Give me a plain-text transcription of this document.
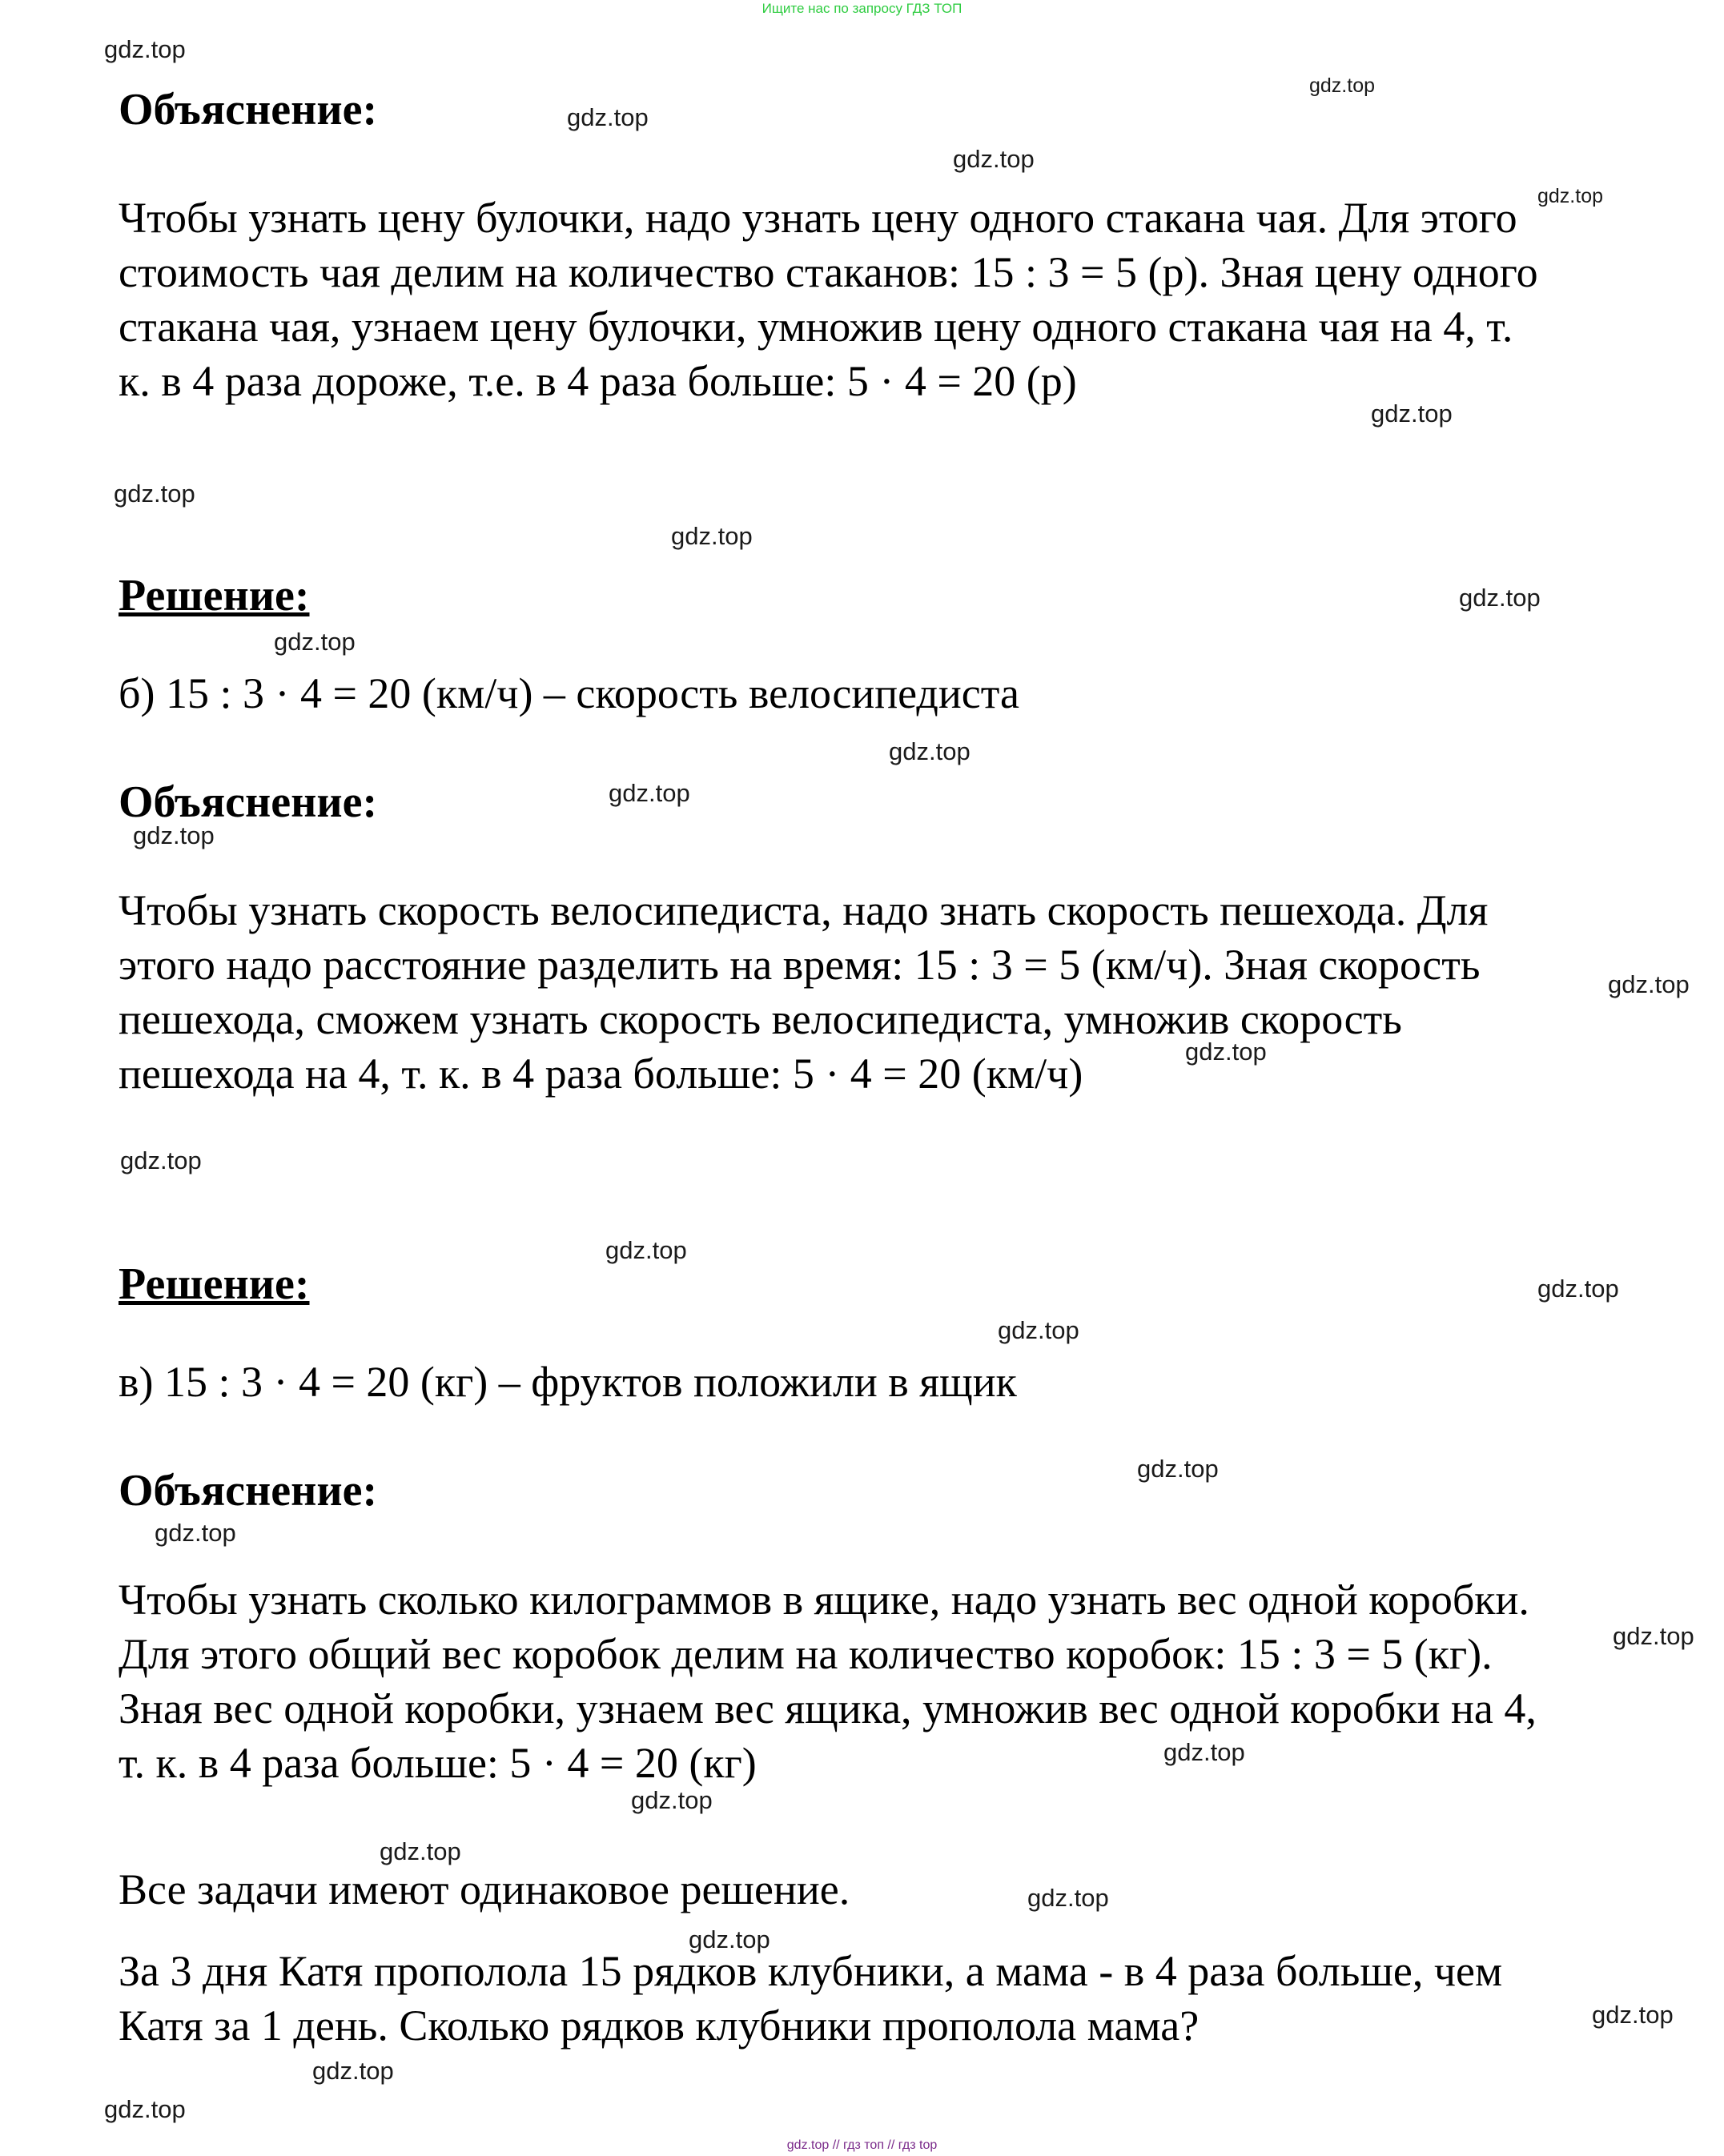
Ищите нас по запросу ГДЗ ТОП
Объяснение:
Чтобы узнать цену булочки, надо узнать цену одного стакана чая. Для этого
стоимость чая делим на количество стаканов: 15 : 3 = 5 (р). Зная цену одного
стакана чая, узнаем цену булочки, умножив цену одного стакана чая на 4, т.
к. в 4 раза дороже, т.е. в 4 раза больше: 5 · 4 = 20 (р)
Решение:
б) 15 : 3 · 4 = 20 (км/ч) – скорость велосипедиста
Объяснение:
Чтобы узнать скорость велосипедиста, надо знать скорость пешехода. Для
этого надо расстояние разделить на время: 15 : 3 = 5 (км/ч). Зная скорость
пешехода, сможем узнать скорость велосипедиста, умножив скорость
пешехода на 4, т. к. в 4 раза больше: 5 · 4 = 20 (км/ч)
Решение:
в) 15 : 3 · 4 = 20 (кг) – фруктов положили в ящик
Объяснение:
Чтобы узнать сколько килограммов в ящике, надо узнать вес одной коробки.
Для этого общий вес коробок делим на количество коробок: 15 : 3 = 5 (кг).
Зная вес одной коробки, узнаем вес ящика, умножив вес одной коробки на 4,
т. к. в 4 раза больше: 5 · 4 = 20 (кг)
Все задачи имеют одинаковое решение.
За 3 дня Катя прополола 15 рядков клубники, а мама - в 4 раза больше, чем
Катя за 1 день. Сколько рядков клубники прополола мама?
gdz.top
gdz.top
gdz.top
gdz.top
gdz.top
gdz.top
gdz.top
gdz.top
gdz.top
gdz.top
gdz.top
gdz.top
gdz.top
gdz.top
gdz.top
gdz.top
gdz.top
gdz.top
gdz.top
gdz.top
gdz.top
gdz.top
gdz.top
gdz.top
gdz.top
gdz.top
gdz.top
gdz.top
gdz.top
gdz.top
gdz.top // гдз топ // гдз top
